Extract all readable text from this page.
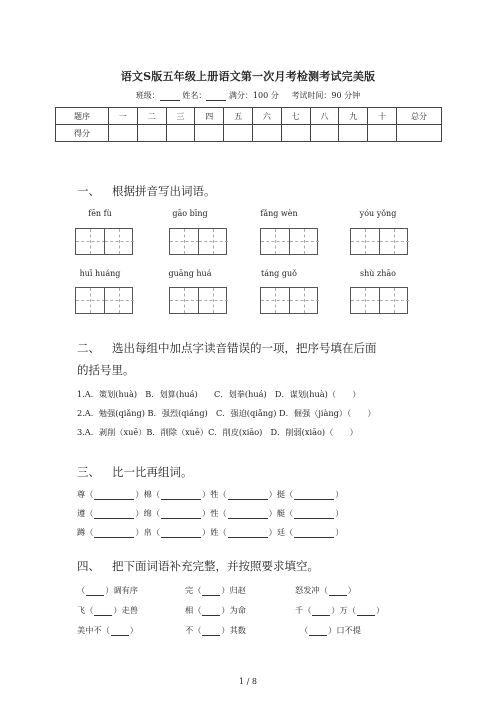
语文S版五年级上册语文第一次月考检测考试完美版
班级：	姓名：	满分：100 分 考试时间：90 分钟
题序	一	二	三	四	五	六	七	八	九	十	总分
得分											
一、 根据拼音写出词语。
fēn fù	gāo bīng	fǎng wèn	yóu yǒng
huī huáng	guāng huá	táng guǒ	shù zhāo
二、 选出每组中加点字读音错误的一项，把序号填在后面
的括号里。
1.A．策划(huà)　B．划算(huá)　　C．划拳(huá)　D．谋划(huà)（　　）
2.A．勉强(qiǎng) B．强烈(qiáng)　C．强迫(qiǎng) D．倔强（jiàng）（　　）
3.A．剥削（xuē）B．削除（xuē）C．削皮(xiāo)　D．削弱(xiāo)（　　）
三、 比一比再组词。
尊（	）棉（	）牲（	）挺（	）
遵（	）绵（	）性（	）艇（	）
蹲（	）帛（	）姓（	）廷（	）
四、 把下面词语补充完整，并按照要求填空。
（ ）调有序	完（ ）归赵	怒发冲（ ）
飞（ ）走兽	相（ ）为命	千（ ）万（ ）
美中不（ ）	不（ ）其数	（ ）口不提
1 / 8
